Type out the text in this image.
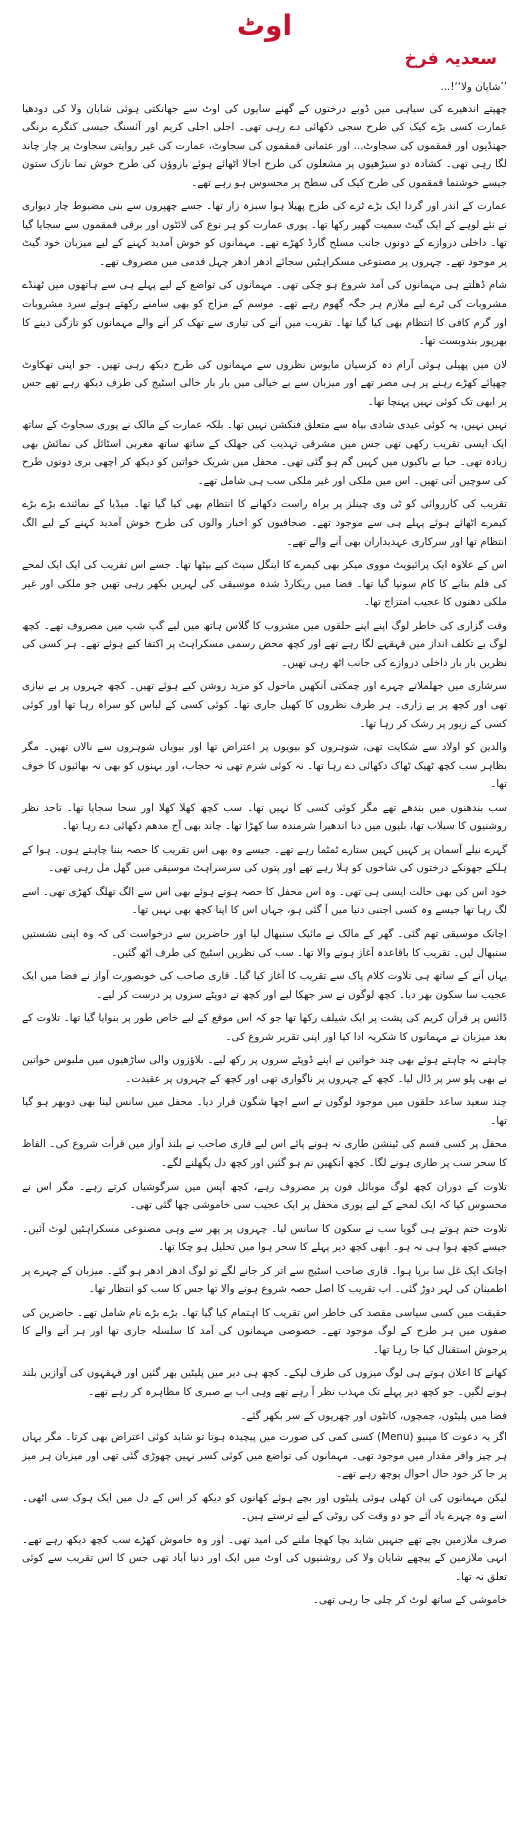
اوٹ
سعدیہ فرخ

’’شایان ولا‘‘!...

چھپتے اندھیرے کی سیاہی میں ڈوبے درختوں کے گھنے سایوں کی اوٹ سے جھانکتی ہوئی شایان ولا کی دودھیا عمارت کسی بڑے کیک کی طرح سجی دکھائی دے رہی تھی۔ اجلی اجلی کریم اور آئسنگ جیسی کنگرے برنگی جھنڈیوں اور قمقموں کی سجاوٹ... اور عثمانی قمقموں کی سجاوٹ، عمارت کی غیر روایتی سجاوٹ پر چار چاند لگا رہی تھی۔ کشادہ دو سیڑھیوں پر مشعلوں کی طرح اجالا اٹھائے ہوئے بازوؤں کی طرح خوش نما نازک ستون جیسے خوشنما قمقموں کی طرح کیک کی سطح پر محسوس ہو رہے تھے۔

عمارت کے اندر اور گردا ایک بڑے ٹرے کی طرح پھیلا ہوا سبزہ زار تھا۔ جسے چھپروں سے بنی مضبوط چار دیواری نے نئے لوہے کے ایک گیٹ سمیت گھیر رکھا تھا۔ پوری عمارت کو ہر نوع کی لائٹوں اور برقی قمقموں سے سجایا گیا تھا۔ داخلی دروازے کے دونوں جانب مسلح گارڈ کھڑے تھے۔ مہمانوں کو خوش آمدید کہنے کے لیے میزبان خود گیٹ پر موجود تھے۔ چہروں پر مصنوعی مسکراہٹیں سجائے ادھر ادھر چہل قدمی میں مصروف تھے۔

شام ڈھلتے ہی مہمانوں کی آمد شروع ہو چکی تھی۔ مہمانوں کی تواضع کے لیے پہلے ہی سے ہاتھوں میں ٹھنڈے مشروبات کی ٹرے لیے ملازم ہر جگہ گھوم رہے تھے۔ موسم کے مزاج کو بھی سامنے رکھتے ہوئے سرد مشروبات اور گرم کافی کا انتظام بھی کیا گیا تھا۔ تقریب میں آنے کی تیاری سے تھک کر آنے والے مہمانوں کو تازگی دینے کا بھرپور بندوبست تھا۔

لان میں پھیلی ہوئی آرام دہ کرسیاں مایوس نظروں سے مہمانوں کی طرح دیکھ رہی تھیں۔ جو اپنی تھکاوٹ چھپائے کھڑے رہنے پر ہی مصر تھے اور میزبان سے بے خیالی میں بار بار خالی اسٹیج کی طرف دیکھ رہے تھے جس پر ابھی تک کوئی نہیں پہنچا تھا۔

نہیں نہیں، یہ کوئی عیدی شادی بیاہ سے متعلق فنکشن نہیں تھا۔ بلکہ عمارت کے مالک نے پوری سجاوٹ کے ساتھ ایک ایسی تقریب رکھی تھی جس میں مشرقی تہذیب کی جھلک کے ساتھ ساتھ مغربی اسٹائل کی نمائش بھی زیادہ تھی۔ حیا بے باکیوں میں کہیں گم ہو گئی تھی۔ محفل میں شریک خواتین کو دیکھ کر اچھی بری دونوں طرح کی سوچیں آتی تھیں۔ اس میں ملکی اور غیر ملکی سب ہی شامل تھے۔

تقریب کی کارروائی کو ٹی وی چینلز پر براہ راست دکھانے کا انتظام بھی کیا گیا تھا۔ میڈیا کے نمائندے بڑے بڑے کیمرے اٹھائے ہوئے پہلے ہی سے موجود تھے۔ صحافیوں کو اخبار والوں کی طرح خوش آمدید کہنے کے لیے الگ انتظام تھا اور سرکاری عہدیداران بھی آنے والے تھے۔

اس کے علاوہ ایک پرائیویٹ مووی میکر بھی کیمرے کا اینگل سیٹ کیے بیٹھا تھا۔ جسے اس تقریب کی ایک ایک لمحے کی فلم بنانے کا کام سونپا گیا تھا۔ فضا میں ریکارڈ شدہ موسیقی کی لہریں بکھر رہی تھیں جو ملکی اور غیر ملکی دھنوں کا عجیب امتزاج تھا۔

وقت گزاری کی خاطر لوگ اپنے اپنے حلقوں میں مشروب کا گلاس ہاتھ میں لیے گپ شپ میں مصروف تھے۔ کچھ لوگ بے تکلف انداز میں قہقہے لگا رہے تھے اور کچھ محض رسمی مسکراہٹ پر اکتفا کیے ہوئے تھے۔ ہر کسی کی نظریں بار بار داخلی دروازے کی جانب اٹھ رہی تھیں۔

سرشاری میں جھلملاتے چہرے اور چمکتی آنکھیں ماحول کو مزید روشن کیے ہوئے تھیں۔ کچھ چہروں پر بے نیازی تھی اور کچھ پر بے زاری۔ ہر طرف نظروں کا کھیل جاری تھا۔ کوئی کسی کے لباس کو سراہ رہا تھا اور کوئی کسی کے زیور پر رشک کر رہا تھا۔

والدین کو اولاد سے شکایت تھی، شوہروں کو بیویوں پر اعتراض تھا اور بیویاں شوہروں سے نالاں تھیں۔ مگر بظاہر سب کچھ ٹھیک ٹھاک دکھائی دے رہا تھا۔ نہ کوئی شرم تھی نہ حجاب، اور بہنوں کو بھی نہ بھائیوں کا خوف تھا۔

سب بندھنوں میں بندھے تھے مگر کوئی کسی کا نہیں تھا۔ سب کچھ کھلا کھلا اور سجا سجایا تھا۔ تاحد نظر روشنیوں کا سیلاب تھا، بلیوں میں دبا اندھیرا شرمندہ سا کھڑا تھا۔ چاند بھی آج مدھم دکھائی دے رہا تھا۔

گہرے نیلے آسمان پر کہیں کہیں ستارے ٹمٹما رہے تھے۔ جیسے وہ بھی اس تقریب کا حصہ بننا چاہتے ہوں۔ ہوا کے ہلکے جھونکے درختوں کی شاخوں کو ہلا رہے تھے اور پتوں کی سرسراہٹ موسیقی میں گھل مل رہی تھی۔

خود اس کی بھی حالت ایسی ہی تھی۔ وہ اس محفل کا حصہ ہوتے ہوئے بھی اس سے الگ تھلگ کھڑی تھی۔ اسے لگ رہا تھا جیسے وہ کسی اجنبی دنیا میں آ گئی ہو، جہاں اس کا اپنا کچھ بھی نہیں تھا۔

اچانک موسیقی تھم گئی۔ گھر کے مالک نے مائیک سنبھال لیا اور حاضرین سے درخواست کی کہ وہ اپنی نشستیں سنبھال لیں۔ تقریب کا باقاعدہ آغاز ہونے والا تھا۔ سب کی نظریں اسٹیج کی طرف اٹھ گئیں۔

یہاں آنے کے ساتھ ہی تلاوت کلام پاک سے تقریب کا آغاز کیا گیا۔ قاری صاحب کی خوبصورت آواز نے فضا میں ایک عجیب سا سکون بھر دیا۔ کچھ لوگوں نے سر جھکا لیے اور کچھ نے دوپٹے سروں پر درست کر لیے۔

ڈائس پر قرآن کریم کی پشت پر ایک شیلف رکھا تھا جو کہ اس موقع کے لیے خاص طور پر بنوایا گیا تھا۔ تلاوت کے بعد میزبان نے مہمانوں کا شکریہ ادا کیا اور اپنی تقریر شروع کی۔

چاہتے نہ چاہتے ہوئے بھی چند خواتین نے اپنے ڈوپٹے سروں پر رکھ لیے۔ بلاؤزوں والی ساڑھیوں میں ملبوس خواتین نے بھی پلو سر پر ڈال لیا۔ کچھ کے چہروں پر ناگواری تھی اور کچھ کے چہروں پر عقیدت۔

چند سعید ساعد حلقوں میں موجود لوگوں نے اسے اچھا شگون قرار دیا۔ محفل میں سانس لینا بھی دوبھر ہو گیا تھا۔

محفل پر کسی قسم کی ٹینشن طاری نہ ہونے پائے اس لیے قاری صاحب نے بلند آواز میں قرأت شروع کی۔ الفاظ کا سحر سب پر طاری ہونے لگا۔ کچھ آنکھیں نم ہو گئیں اور کچھ دل پگھلنے لگے۔

تلاوت کے دوران کچھ لوگ موبائل فون پر مصروف رہے، کچھ آپس میں سرگوشیاں کرتے رہے۔ مگر اس نے محسوس کیا کہ ایک لمحے کے لیے پوری محفل پر ایک عجیب سی خاموشی چھا گئی تھی۔

تلاوت ختم ہوتے ہی گویا سب نے سکون کا سانس لیا۔ چہروں پر پھر سے وہی مصنوعی مسکراہٹیں لوٹ آئیں۔ جیسے کچھ ہوا ہی نہ ہو۔ ابھی کچھ دیر پہلے کا سحر ہوا میں تحلیل ہو چکا تھا۔

اچانک ایک غل سا برپا ہوا۔ قاری صاحب اسٹیج سے اتر کر جانے لگے تو لوگ ادھر ادھر ہو گئے۔ میزبان کے چہرے پر اطمینان کی لہر دوڑ گئی۔ اب تقریب کا اصل حصہ شروع ہونے والا تھا جس کا سب کو انتظار تھا۔

حقیقت میں کسی سیاسی مقصد کی خاطر اس تقریب کا اہتمام کیا گیا تھا۔ بڑے بڑے نام شامل تھے۔ حاضرین کی صفوں میں ہر طرح کے لوگ موجود تھے۔ خصوصی مہمانوں کی آمد کا سلسلہ جاری تھا اور ہر آنے والے کا پرجوش استقبال کیا جا رہا تھا۔

کھانے کا اعلان ہوتے ہی لوگ میزوں کی طرف لپکے۔ کچھ ہی دیر میں پلیٹیں بھر گئیں اور قہقہوں کی آوازیں بلند ہونے لگیں۔ جو کچھ دیر پہلے تک مہذب نظر آ رہے تھے وہی اب بے صبری کا مظاہرہ کر رہے تھے۔

فضا میں پلیٹوں، چمچوں، کانٹوں اور چھریوں کے سر بکھر گئے۔

اگر یہ دعوت کا مینیو (Menu) کسی کمی کی صورت میں پیچیدہ ہوتا تو شاید کوئی اعتراض بھی کرتا۔ مگر یہاں ہر چیز وافر مقدار میں موجود تھی۔ مہمانوں کی تواضع میں کوئی کسر نہیں چھوڑی گئی تھی اور میزبان ہر میز پر جا کر خود حال احوال پوچھ رہے تھے۔

لیکن مہمانوں کی ان کھلی ہوئی پلیٹوں اور بچے ہوئے کھانوں کو دیکھ کر اس کے دل میں ایک ہوک سی اٹھی۔ اسے وہ چہرے یاد آئے جو دو وقت کی روٹی کے لیے ترستے ہیں۔

صرف ملازمین بچے تھے جنہیں شاید بچا کھچا ملنے کی امید تھی۔ اور وہ خاموش کھڑے سب کچھ دیکھ رہے تھے۔ انہی ملازمین کے پیچھے شایان ولا کی روشنیوں کی اوٹ میں ایک اور دنیا آباد تھی جس کا اس تقریب سے کوئی تعلق نہ تھا۔

خاموشی کے ساتھ لوٹ کر چلی جا رہی تھی۔
